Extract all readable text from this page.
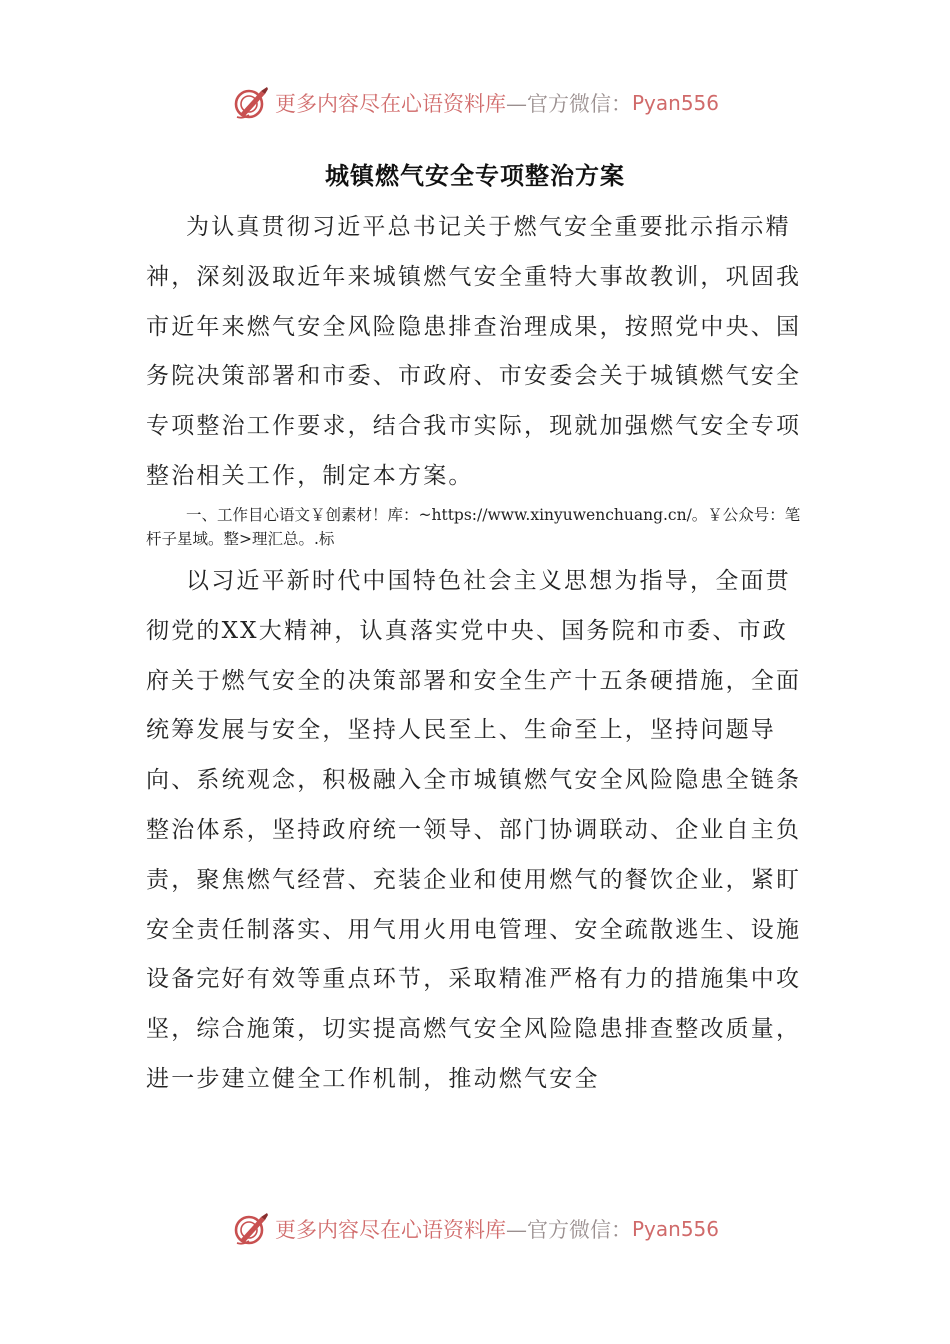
更多内容尽在心语资料库 —官方微信： Pyan556
城镇燃气安全专项整治方案

为认真贯彻习近平总书记关于燃气安全重要批示指示精神，深刻汲取近年来城镇燃气安全重特大事故教训，巩固我市近年来燃气安全风险隐患排查治理成果，按照党中央、国务院决策部署和市委、市政府、市安委会关于城镇燃气安全专项整治工作要求，结合我市实际，现就加强燃气安全专项整治相关工作，制定本方案。

一、工作目心语文￥创素材！库：~https://www.xinyuwenchuang.cn/。￥公众号：笔杆子星域。整>理汇总。.标

以习近平新时代中国特色社会主义思想为指导，全面贯彻党的XX大精神，认真落实党中央、国务院和市委、市政府关于燃气安全的决策部署和安全生产十五条硬措施，全面统筹发展与安全，坚持人民至上、生命至上，坚持问题导向、系统观念，积极融入全市城镇燃气安全风险隐患全链条整治体系，坚持政府统一领导、部门协调联动、企业自主负责，聚焦燃气经营、充装企业和使用燃气的餐饮企业，紧盯安全责任制落实、用气用火用电管理、安全疏散逃生、设施设备完好有效等重点环节，采取精准严格有力的措施集中攻坚，综合施策，切实提高燃气安全风险隐患排查整改质量，进一步建立健全工作机制，推动燃气安全

更多内容尽在心语资料库 —官方微信： Pyan556
